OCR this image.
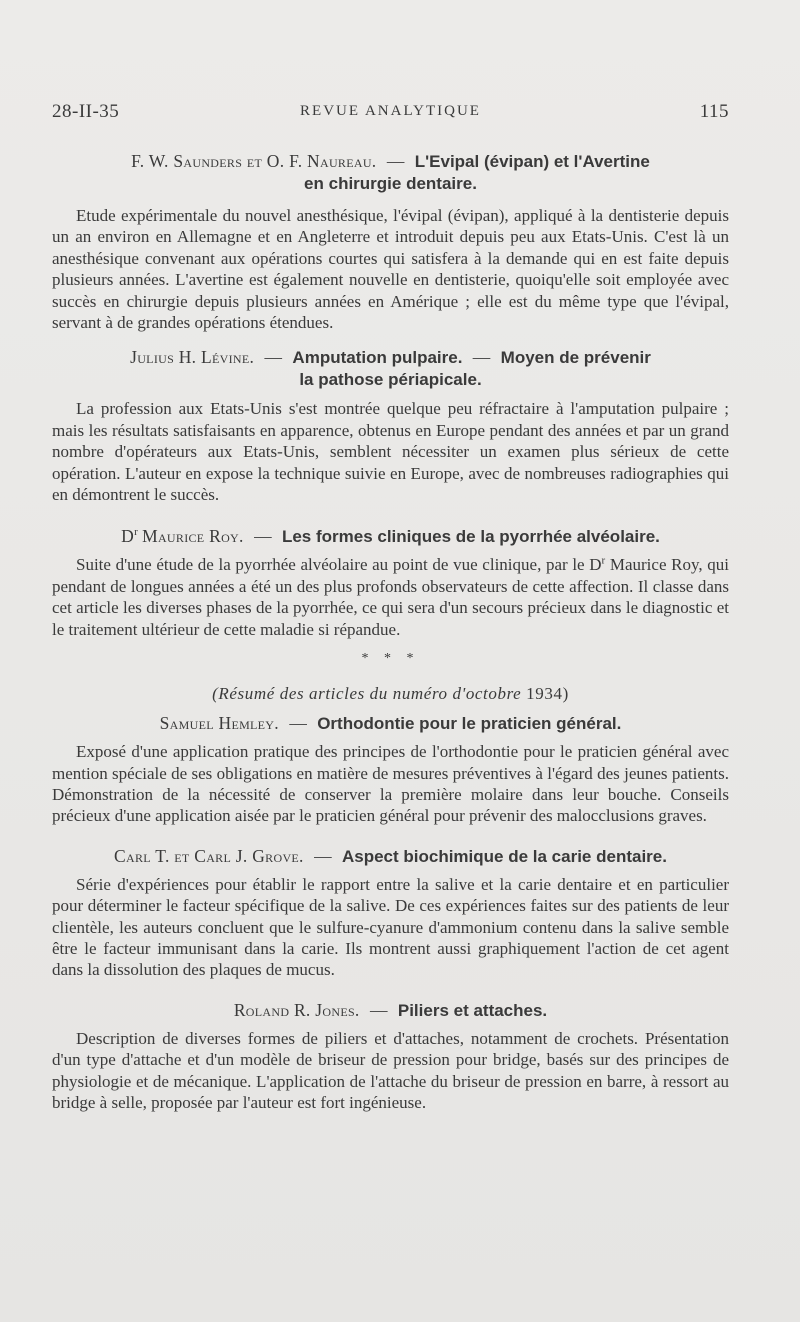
28-II-35	REVUE ANALYTIQUE	115

F. W. Saunders et O. F. Naureau. — L'Evipal (évipan) et l'Avertine
en chirurgie dentaire.

Etude expérimentale du nouvel anesthésique, l'évipal (évipan), appliqué à la dentisterie depuis un an environ en Allemagne et en Angleterre et introduit depuis peu aux Etats-Unis. C'est là un anesthésique convenant aux opérations courtes qui satisfera à la demande qui en est faite depuis plusieurs années. L'avertine est également nouvelle en dentisterie, quoiqu'elle soit employée avec succès en chirurgie depuis plusieurs années en Amérique ; elle est du même type que l'évipal, servant à de grandes opérations étendues.

Julius H. Lévine. — Amputation pulpaire. — Moyen de prévenir
la pathose périapicale.

La profession aux Etats-Unis s'est montrée quelque peu réfractaire à l'amputation pulpaire ; mais les résultats satisfaisants en apparence, obtenus en Europe pendant des années et par un grand nombre d'opérateurs aux Etats-Unis, semblent nécessiter un examen plus sérieux de cette opération. L'auteur en expose la technique suivie en Europe, avec de nombreuses radiographies qui en démontrent le succès.

$D^r$ Maurice Roy. — Les formes cliniques de la pyorrhée alvéolaire.

Suite d'une étude de la pyorrhée alvéolaire au point de vue clinique, par le $D^r$ Maurice Roy, qui pendant de longues années a été un des plus profonds observateurs de cette affection. Il classe dans cet article les diverses phases de la pyorrhée, ce qui sera d'un secours précieux dans le diagnostic et le traitement ultérieur de cette maladie si répandue.

* * *
(Résumé des articles du numéro d'octobre 1934)

Samuel Hemley. — Orthodontie pour le praticien général.

Exposé d'une application pratique des principes de l'orthodontie pour le praticien général avec mention spéciale de ses obligations en matière de mesures préventives à l'égard des jeunes patients. Démonstration de la nécessité de conserver la première molaire dans leur bouche. Conseils précieux d'une application aisée par le praticien général pour prévenir des malocclusions graves.

Carl T. et Carl J. Grove. — Aspect biochimique de la carie dentaire.

Série d'expériences pour établir le rapport entre la salive et la carie dentaire et en particulier pour déterminer le facteur spécifique de la salive. De ces expériences faites sur des patients de leur clientèle, les auteurs concluent que le sulfure-cyanure d'ammonium contenu dans la salive semble être le facteur immunisant dans la carie. Ils montrent aussi graphiquement l'action de cet agent dans la dissolution des plaques de mucus.

Roland R. Jones. — Piliers et attaches.

Description de diverses formes de piliers et d'attaches, notamment de crochets. Présentation d'un type d'attache et d'un modèle de briseur de pression pour bridge, basés sur des principes de physiologie et de mécanique. L'application de l'attache du briseur de pression en barre, à ressort au bridge à selle, proposée par l'auteur est fort ingénieuse.
